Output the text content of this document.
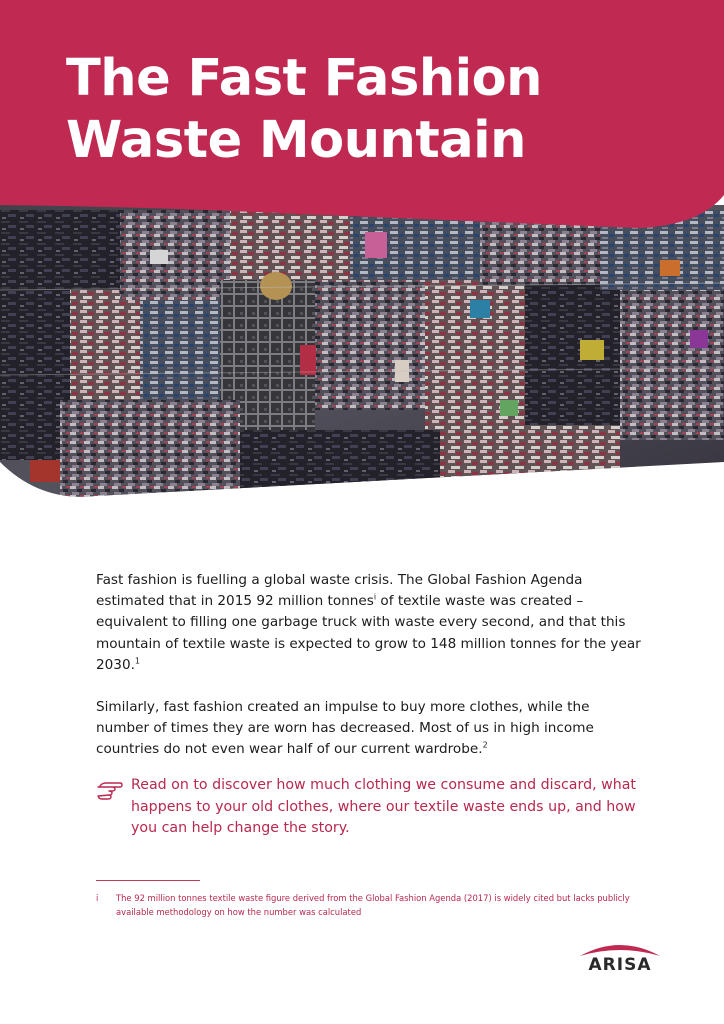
The Fast Fashion
Waste Mountain

Fast fashion is fuelling a global waste crisis. The Global Fashion Agenda estimated that in 2015 92 million tonnes$^i$ of textile waste was created – equivalent to filling one garbage truck with waste every second, and that this mountain of textile waste is expected to grow to 148 million tonnes for the year 2030.$^1$

Similarly, fast fashion created an impulse to buy more clothes, while the number of times they are worn has decreased. Most of us in high income countries do not even wear half of our current wardrobe.$^2$

Read on to discover how much clothing we consume and discard, what happens to your old clothes, where our textile waste ends up, and how you can help change the story.

i The 92 million tonnes textile waste figure derived from the Global Fashion Agenda (2017) is widely cited but lacks publicly available methodology on how the number was calculated
ARISA
